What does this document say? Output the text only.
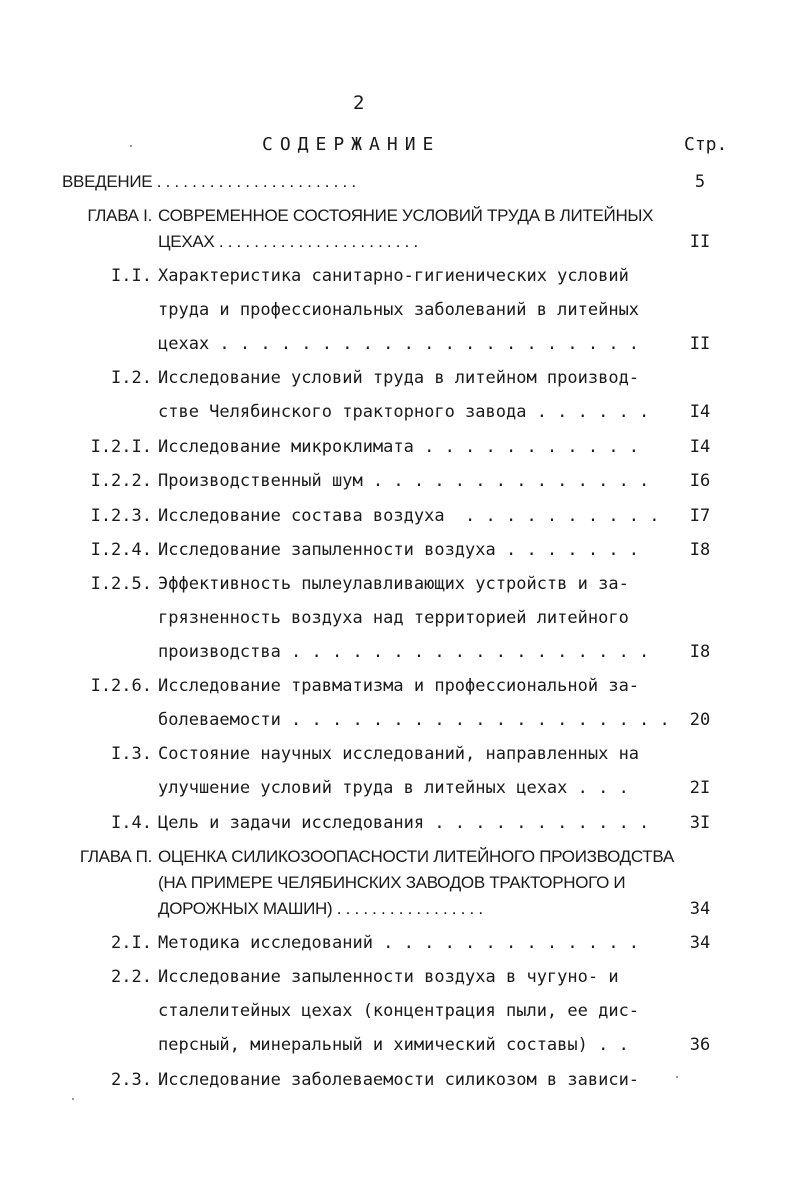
2
СОДЕРЖАНИЕ	Стр.
ВВЕДЕНИЕ . . . . . . . . . . . . . . . . . . . . . . .	5
ГЛАВА I. СОВРЕМЕННОЕ СОСТОЯНИЕ УСЛОВИЙ ТРУДА В ЛИТЕЙНЫХ
ЦЕХАХ . . . . . . . . . . . . . . . . . . . . . . .	II
I.I. Характеристика санитарно-гигиенических условий
труда и профессиональных заболеваний в литейных
цехах . . . . . . . . . . . . . . . . . . . . .	II
I.2. Исследование условий труда в литейном производ-
стве Челябинского тракторного завода . . . . . .	I4
I.2.I. Исследование микроклимата . . . . . . . . . . .	I4
I.2.2. Производственный шум . . . . . . . . . . . . . .	I6
I.2.3. Исследование состава воздуха  . . . . . . . . . .	I7
I.2.4. Исследование запыленности воздуха . . . . . . .	I8
I.2.5. Эффективность пылеулавливающих устройств и за-
грязненность воздуха над территорией литейного
производства . . . . . . . . . . . . . . . . . .	I8
I.2.6. Исследование травматизма и профессиональной за-
болеваемости . . . . . . . . . . . . . . . . . . .	20
I.3. Состояние научных исследований, направленных на
улучшение условий труда в литейных цехах . . .	2I
I.4. Цель и задачи исследования . . . . . . . . . . .	3I
ГЛАВА П. ОЦЕНКА СИЛИКОЗООПАСНОСТИ ЛИТЕЙНОГО ПРОИЗВОДСТВА
(НА ПРИМЕРЕ ЧЕЛЯБИНСКИХ ЗАВОДОВ ТРАКТОРНОГО И
ДОРОЖНЫХ МАШИН) . . . . . . . . . . . . . . . . .	34
2.I. Методика исследований . . . . . . . . . . . . .	34
2.2. Исследование запыленности воздуха в чугуно- и
сталелитейных цехах (концентрация пыли, ее дис-
персный, минеральный и химический составы) . .	36
2.3. Исследование заболеваемости силикозом в зависи-
